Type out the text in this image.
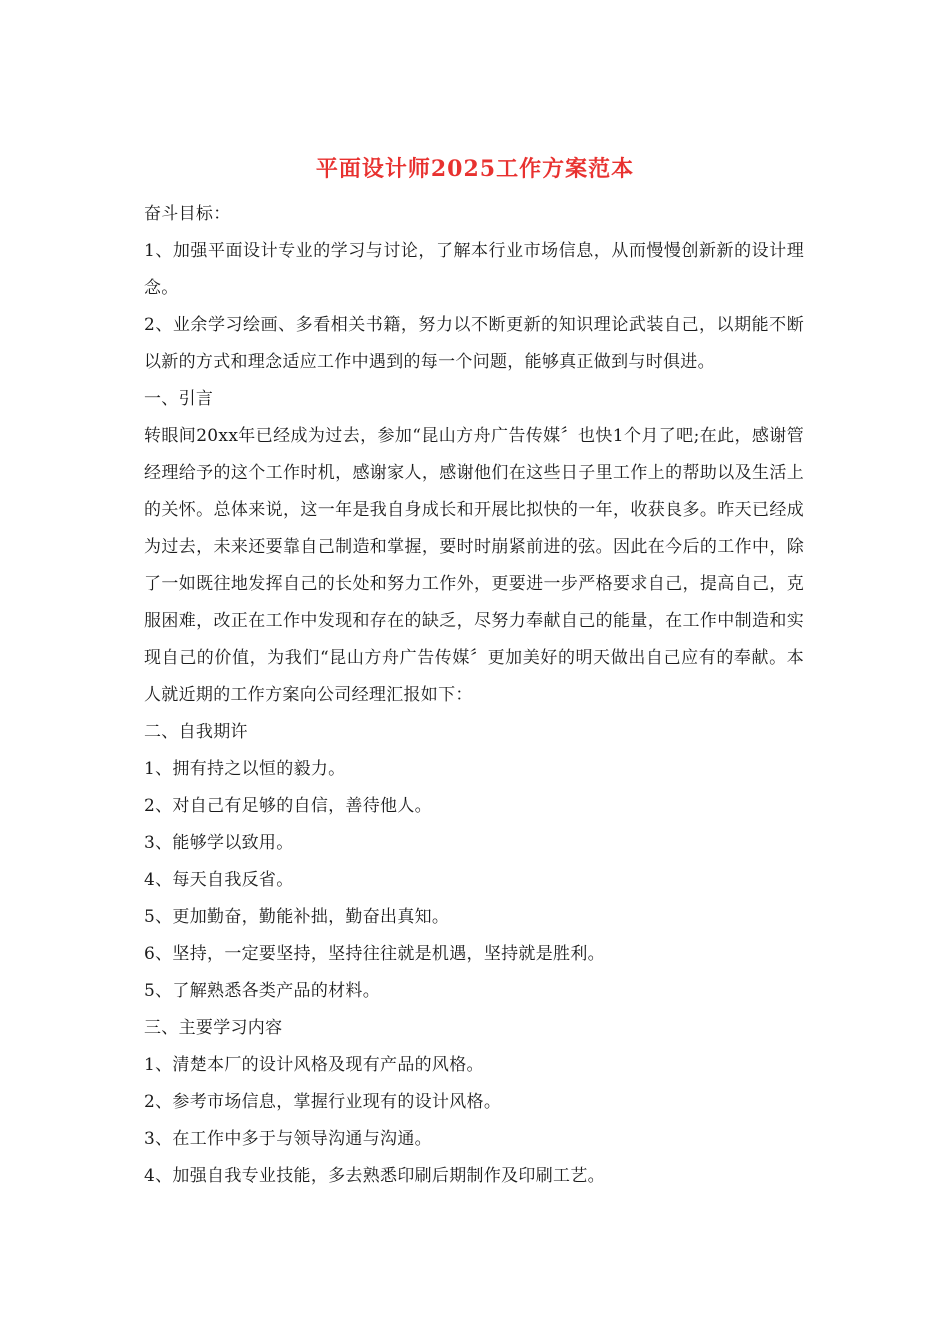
平面设计师2025工作方案范本

奋斗目标：

1、加强平面设计专业的学习与讨论，了解本行业市场信息，从而慢慢创新新的设计理念。

2、业余学习绘画、多看相关书籍，努力以不断更新的知识理论武装自己，以期能不断以新的方式和理念适应工作中遇到的每一个问题，能够真正做到与时俱进。

一、引言

转眼间20xx年已经成为过去，参加“昆山方舟广告传媒〞也快1个月了吧;在此，感谢管经理给予的这个工作时机，感谢家人，感谢他们在这些日子里工作上的帮助以及生活上的关怀。总体来说，这一年是我自身成长和开展比拟快的一年，收获良多。昨天已经成为过去，未来还要靠自己制造和掌握，要时时崩紧前进的弦。因此在今后的工作中，除了一如既往地发挥自己的长处和努力工作外，更要进一步严格要求自己，提高自己，克服困难，改正在工作中发现和存在的缺乏，尽努力奉献自己的能量，在工作中制造和实现自己的价值，为我们“昆山方舟广告传媒〞更加美好的明天做出自己应有的奉献。本人就近期的工作方案向公司经理汇报如下：

二、自我期许

1、拥有持之以恒的毅力。

2、对自己有足够的自信，善待他人。

3、能够学以致用。

4、每天自我反省。

5、更加勤奋，勤能补拙，勤奋出真知。

6、坚持，一定要坚持，坚持往往就是机遇，坚持就是胜利。

5、了解熟悉各类产品的材料。

三、主要学习内容

1、清楚本厂的设计风格及现有产品的风格。

2、参考市场信息，掌握行业现有的设计风格。

3、在工作中多于与领导沟通与沟通。

4、加强自我专业技能，多去熟悉印刷后期制作及印刷工艺。
